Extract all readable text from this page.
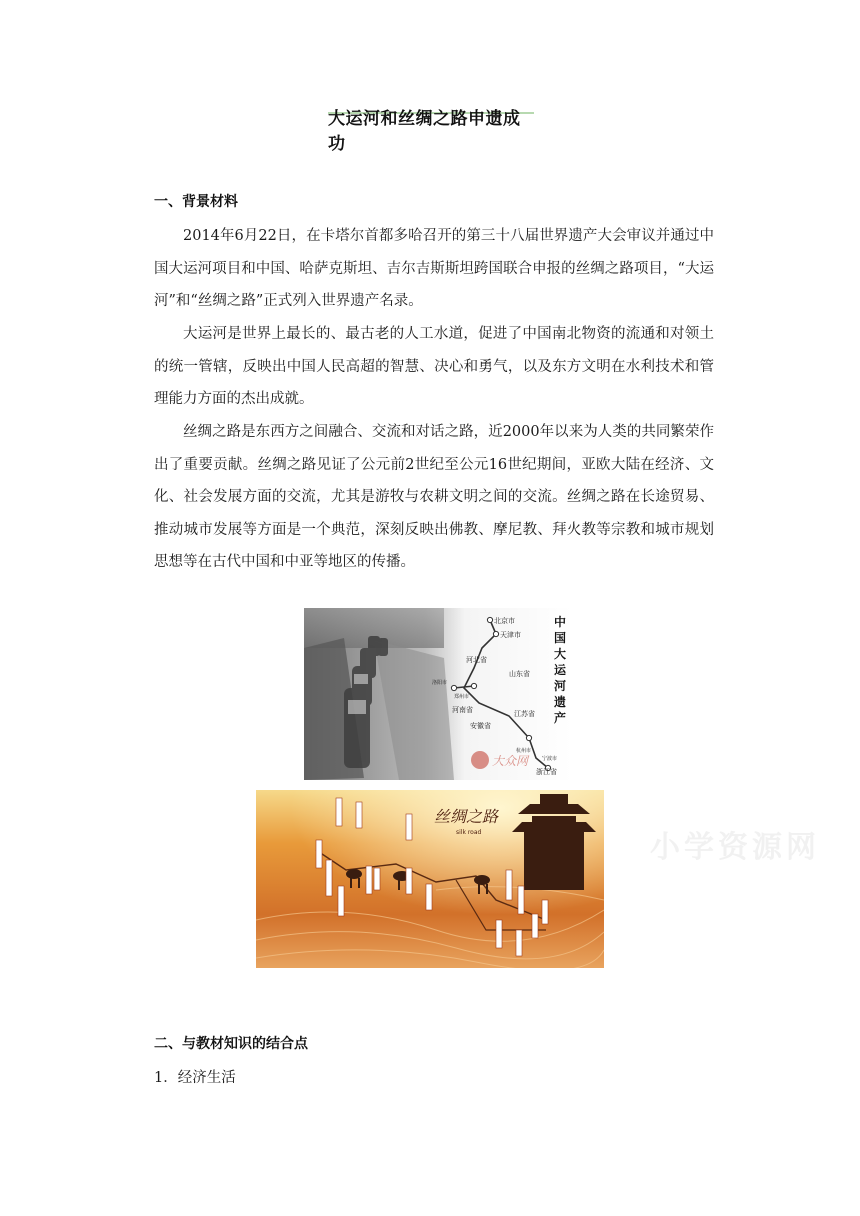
大运河和丝绸之路申遗成功
一、背景材料
2014年6月22日，在卡塔尔首都多哈召开的第三十八届世界遗产大会审议并通过中国大运河项目和中国、哈萨克斯坦、吉尔吉斯斯坦跨国联合申报的丝绸之路项目，“大运河”和“丝绸之路”正式列入世界遗产名录。
大运河是世界上最长的、最古老的人工水道，促进了中国南北物资的流通和对领土的统一管辖，反映出中国人民高超的智慧、决心和勇气，以及东方文明在水利技术和管理能力方面的杰出成就。
丝绸之路是东西方之间融合、交流和对话之路，近2000年以来为人类的共同繁荣作出了重要贡献。丝绸之路见证了公元前2世纪至公元16世纪期间，亚欧大陆在经济、文化、社会发展方面的交流，尤其是游牧与农耕文明之间的交流。丝绸之路在长途贸易、推动城市发展等方面是一个典范，深刻反映出佛教、摩尼教、拜火教等宗教和城市规划思想等在古代中国和中亚等地区的传播。
北京市
天津市
河北省
山东省
洛阳市
郑州市
河南省	江苏省
安徽省
杭州市
宁波市
浙江省
中 国 大 运 河 遗 产
大众网
丝绸之路
silk road	小学资源网
二、与教材知识的结合点
1．经济生活
